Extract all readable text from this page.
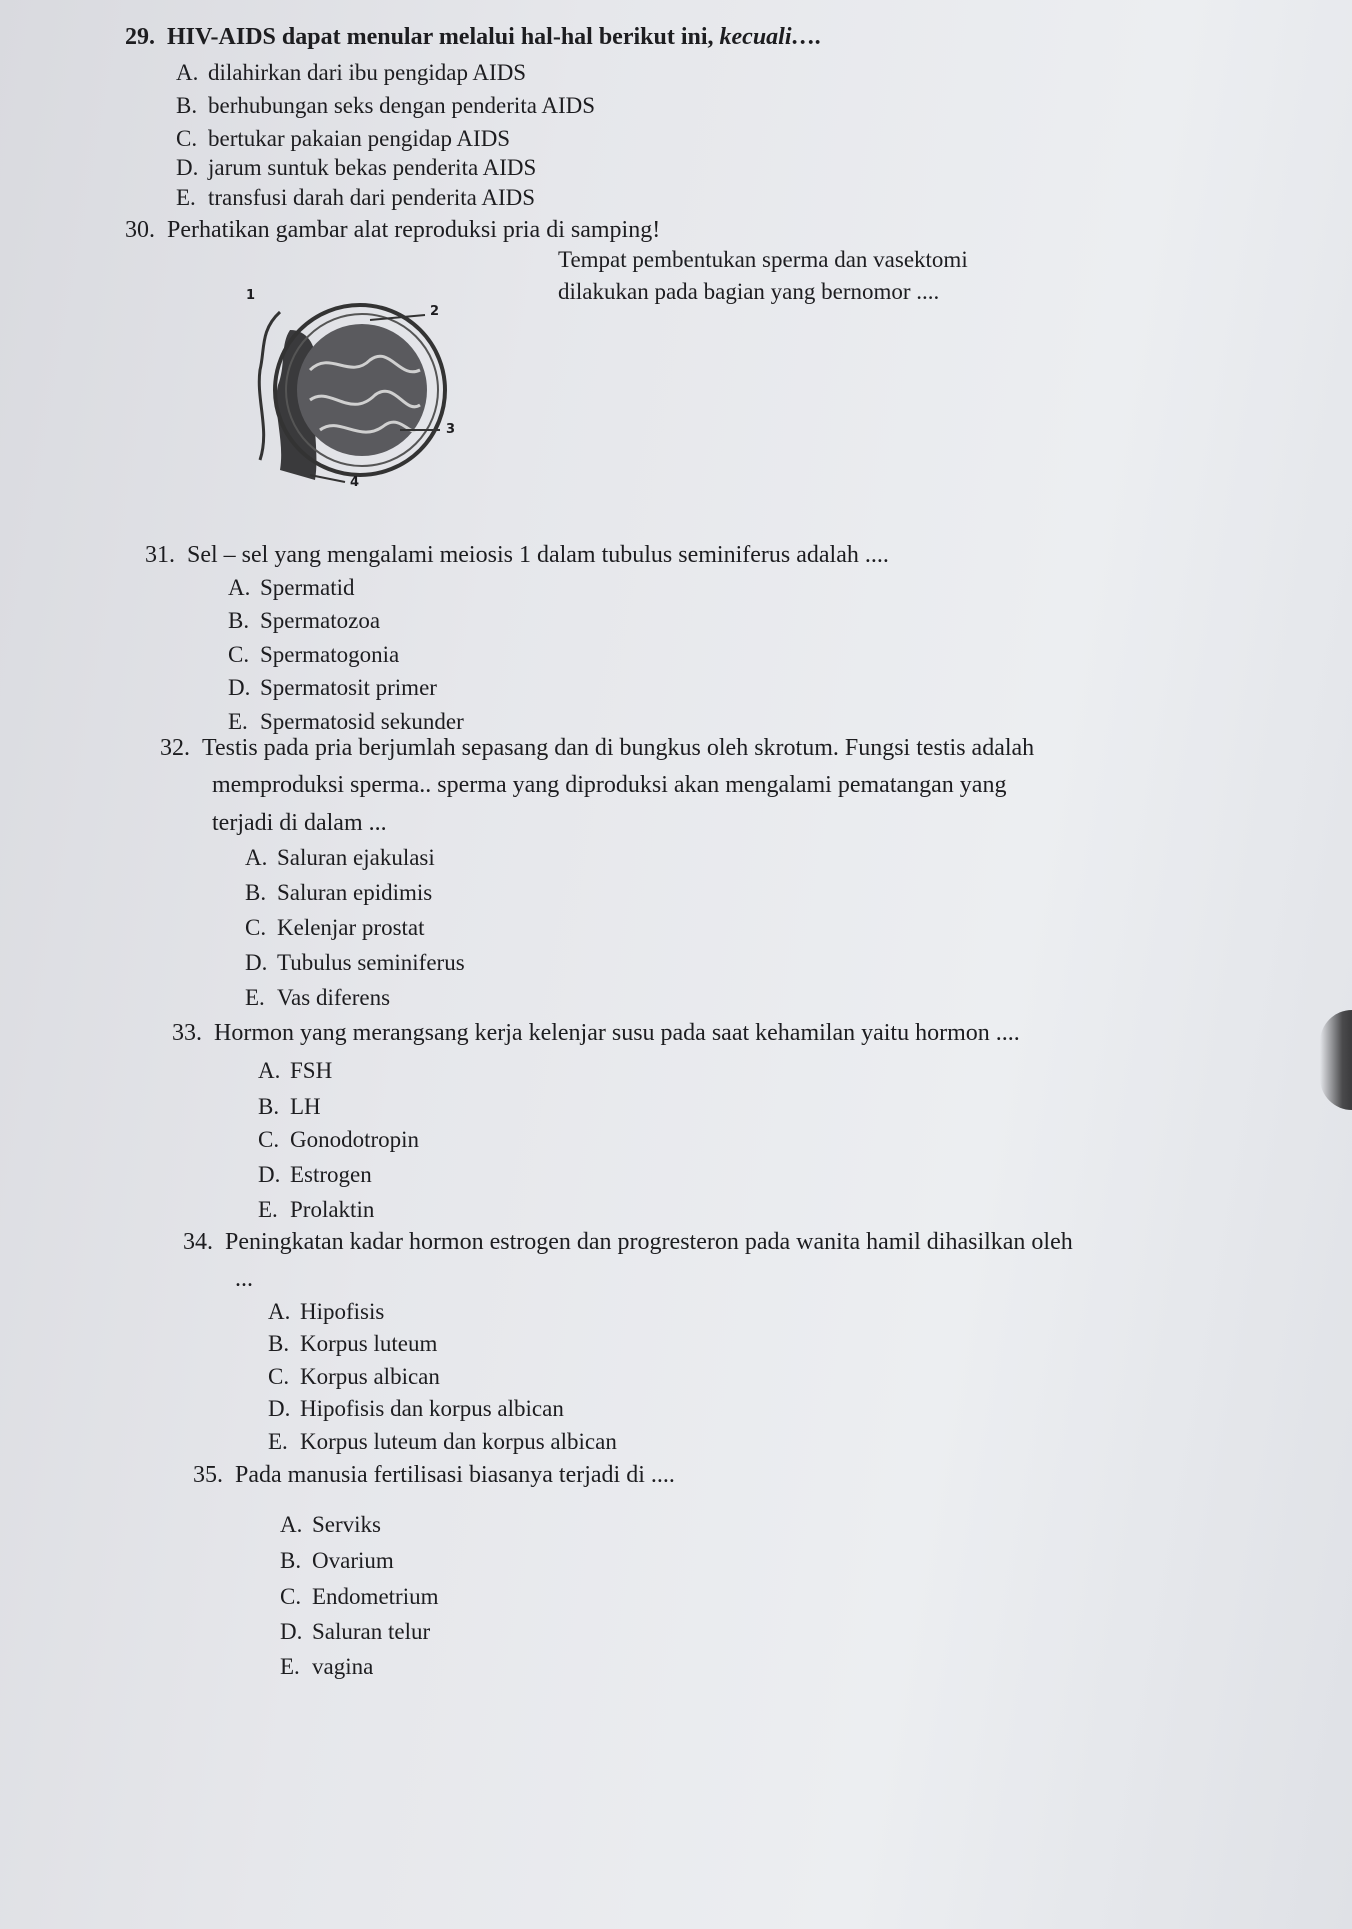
29. HIV-AIDS dapat menular melalui hal-hal berikut ini, kecuali….
A. dilahirkan dari ibu pengidap AIDS
B. berhubungan seks dengan penderita AIDS
C. bertukar pakaian pengidap AIDS
D. jarum suntuk bekas penderita AIDS
E. transfusi darah dari penderita AIDS
30. Perhatikan gambar alat reproduksi pria di samping!
Tempat pembentukan sperma dan vasektomi
dilakukan pada bagian yang bernomor ....
1
2
3
4
31. Sel – sel yang mengalami meiosis 1 dalam tubulus seminiferus adalah ....
A. Spermatid
B. Spermatozoa
C. Spermatogonia
D. Spermatosit primer
E. Spermatosid sekunder
32. Testis pada pria berjumlah sepasang dan di bungkus oleh skrotum. Fungsi testis adalah
memproduksi sperma.. sperma yang diproduksi akan mengalami pematangan yang
terjadi di dalam ...
A. Saluran ejakulasi
B. Saluran epidimis
C. Kelenjar prostat
D. Tubulus seminiferus
E. Vas diferens
33. Hormon yang merangsang kerja kelenjar susu pada saat kehamilan yaitu hormon ....
A. FSH
B. LH
C. Gonodotropin
D. Estrogen
E. Prolaktin
34. Peningkatan kadar hormon estrogen dan progresteron pada wanita hamil dihasilkan oleh
...
A. Hipofisis
B. Korpus luteum
C. Korpus albican
D. Hipofisis dan korpus albican
E. Korpus luteum dan korpus albican
35. Pada manusia fertilisasi biasanya terjadi di ....
A. Serviks
B. Ovarium
C. Endometrium
D. Saluran telur
E. vagina
